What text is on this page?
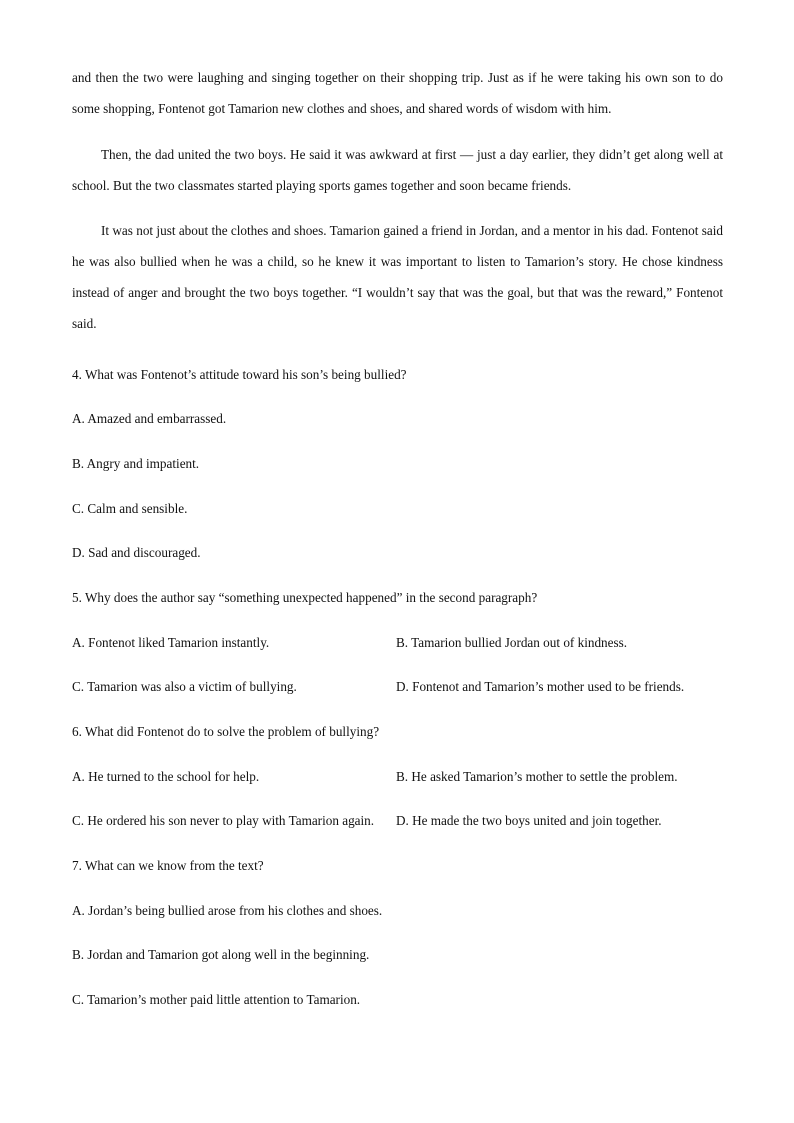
and then the two were laughing and singing together on their shopping trip. Just as if he were taking his own son to do some shopping, Fontenot got Tamarion new clothes and shoes, and shared words of wisdom with him.

Then, the dad united the two boys. He said it was awkward at first — just a day earlier, they didn’t get along well at school. But the two classmates started playing sports games together and soon became friends.

It was not just about the clothes and shoes. Tamarion gained a friend in Jordan, and a mentor in his dad. Fontenot said he was also bullied when he was a child, so he knew it was important to listen to Tamarion’s story. He chose kindness instead of anger and brought the two boys together. “I wouldn’t say that was the goal, but that was the reward,” Fontenot said.

4. What was Fontenot’s attitude toward his son’s being bullied?
A. Amazed and embarrassed.
B. Angry and impatient.
C. Calm and sensible.
D. Sad and discouraged.
5. Why does the author say “something unexpected happened” in the second paragraph?
A. Fontenot liked Tamarion instantly.	B. Tamarion bullied Jordan out of kindness.
C. Tamarion was also a victim of bullying.	D. Fontenot and Tamarion’s mother used to be friends.
6. What did Fontenot do to solve the problem of bullying?
A. He turned to the school for help.	B. He asked Tamarion’s mother to settle the problem.
C. He ordered his son never to play with Tamarion again.	D. He made the two boys united and join together.
7. What can we know from the text?
A. Jordan’s being bullied arose from his clothes and shoes.
B. Jordan and Tamarion got along well in the beginning.
C. Tamarion’s mother paid little attention to Tamarion.
